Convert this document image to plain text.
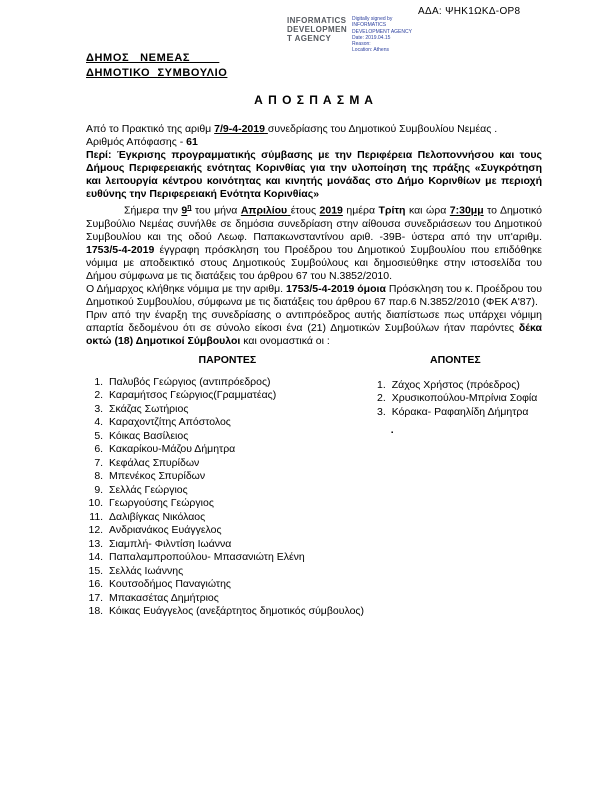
ΑΔΑ: ΨΗΚ1ΩΚΔ-ΟΡ8
INFORMATICS
DEVELOPMEN
T AGENCY
Digitally signed by
INFORMATICS
DEVELOPMENT AGENCY
Date: 2019.04.15
Reason:
Location: Athens
ΔΗΜΟΣ   ΝΕΜΕΑΣ
ΔΗΜΟΤΙΚΟ  ΣΥΜΒΟΥΛΙΟ
Α Π Ο Σ Π Α Σ Μ Α

Από το Πρακτικό της αριθμ 7/9-4-2019 συνεδρίασης του Δημοτικού Συμβουλίου Νεμέας .

Αριθμός Απόφασης - 61

Περί: Έγκρισης προγραμματικής σύμβασης με την Περιφέρεια Πελοποννήσου και τους Δήμους Περιφερειακής ενότητας Κορινθίας για την υλοποίηση της πράξης «Συγκρότηση και λειτουργία κέντρου κοινότητας και κινητής μονάδας στο Δήμο Κορινθίων με περιοχή ευθύνης την Περιφερειακή Ενότητα Κορινθίας»

Σήμερα την $9^\eta$ του μήνα Απριλίου έτους 2019 ημέρα Τρίτη και ώρα 7:30μμ το Δημοτικό Συμβούλιο Νεμέας συνήλθε σε δημόσια συνεδρίαση στην αίθουσα συνεδριάσεων του Δημοτικού Συμβουλίου και της οδού Λεωφ. Παπακωνσταντίνου αριθ. -39Β- ύστερα από την υπ'αριθμ. 1753/5-4-2019 έγγραφη πρόσκληση του Προέδρου του Δημοτικού Συμβουλίου που επιδόθηκε νόμιμα με αποδεικτικό στους Δημοτικούς Συμβούλους και δημοσιεύθηκε στην ιστοσελίδα του Δήμου σύμφωνα με τις διατάξεις του άρθρου 67 του Ν.3852/2010.

Ο Δήμαρχος κλήθηκε νόμιμα με την αριθμ. 1753/5-4-2019 όμοια Πρόσκληση του κ. Προέδρου του Δημοτικού Συμβουλίου, σύμφωνα με τις διατάξεις του άρθρου 67 παρ.6 Ν.3852/2010 (ΦΕΚ Α'87).

Πριν από την έναρξη της συνεδρίασης ο αντιπρόεδρος αυτής διαπίστωσε πως υπάρχει νόμιμη απαρτία δεδομένου ότι σε σύνολο είκοσι ένα (21) Δημοτικών Συμβούλων ήταν παρόντες δέκα οκτώ (18) Δημοτικοί Σύμβουλοι και ονομαστικά οι :

ΠΑΡΟΝΤΕΣ
1. Παλυβός Γεώργιος (αντιπρόεδρος)
2. Καραμήτσος Γεώργιος(Γραμματέας)
3. Σκάζας Σωτήριος
4. Καραχοντζίτης Απόστολος
5. Κόικας Βασίλειος
6. Κακαρίκου-Μάζου Δήμητρα
7. Κεφάλας Σπυρίδων
8. Μπενέκος Σπυρίδων
9. Σελλάς Γεώργιος
10. Γεωργούσης Γεώργιος
11. Δαλιβίγκας Νικόλαος
12. Ανδριανάκος Ευάγγελος
13. Σιαμπλή- Φιλντίση Ιωάννα
14. Παπαλαμπροπούλου- Μπασανιώτη Ελένη
15. Σελλάς Ιωάννης
16. Κουτσοδήμος Παναγιώτης
17. Μπακασέτας Δημήτριος
18. Κόικας Ευάγγελος (ανεξάρτητος δημοτικός σύμβουλος)
ΑΠΟΝΤΕΣ
1. Ζάχος Χρήστος (πρόεδρος)
2. Χρυσικοπούλου-Μπρίνια Σοφία
3. Κόρακα- Ραφαηλίδη Δήμητρα
.
